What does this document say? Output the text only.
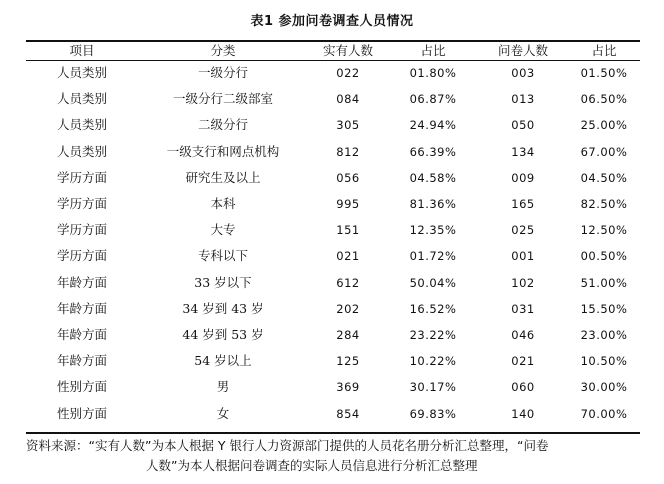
表1 参加问卷调查人员情况
项目	分类	实有人数	占比	问卷人数	占比
人员类别	一级分行	022	01.80%	003	01.50%
人员类别	一级分行二级部室	084	06.87%	013	06.50%
人员类别	二级分行	305	24.94%	050	25.00%
人员类别	一级支行和网点机构	812	66.39%	134	67.00%
学历方面	研究生及以上	056	04.58%	009	04.50%
学历方面	本科	995	81.36%	165	82.50%
学历方面	大专	151	12.35%	025	12.50%
学历方面	专科以下	021	01.72%	001	00.50%
年龄方面	33 岁以下	612	50.04%	102	51.00%
年龄方面	34 岁到 43 岁	202	16.52%	031	15.50%
年龄方面	44 岁到 53 岁	284	23.22%	046	23.00%
年龄方面	54 岁以上	125	10.22%	021	10.50%
性别方面	男	369	30.17%	060	30.00%
性别方面	女	854	69.83%	140	70.00%
资料来源：“实有人数”为本人根据 Y 银行人力资源部门提供的人员花名册分析汇总整理，“问卷
人数”为本人根据问卷调查的实际人员信息进行分析汇总整理
